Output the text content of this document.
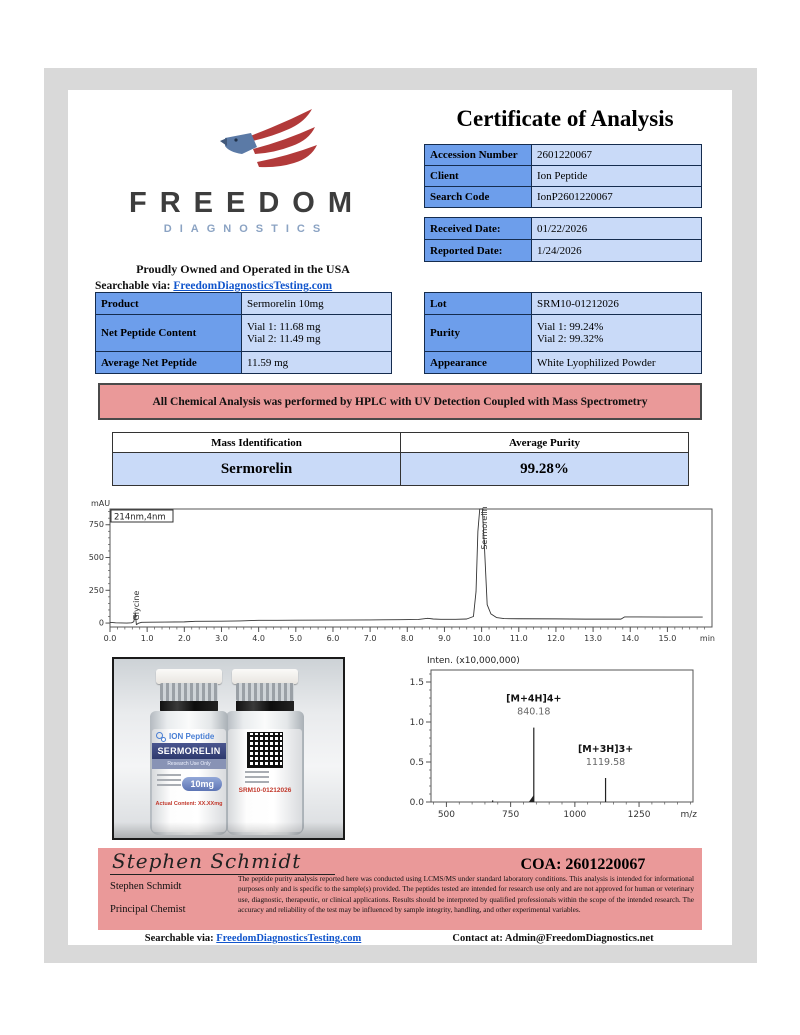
FREEDOM
DIAGNOSTICS
Proudly Owned and Operated in the USA
Searchable via: FreedomDiagnosticsTesting.com
Certificate of Analysis
Accession Number	2601220067
Client	Ion Peptide
Search Code	IonP2601220067
Received Date:	01/22/2026
Reported Date:	1/24/2026
Product	Sermorelin 10mg

Net Peptide Content	Vial 1: 11.68 mg
Vial 2: 11.49 mg

Average Net Peptide	11.59 mg
Lot	SRM10-01212026

Purity	Vial 1: 99.24%
Vial 2: 99.32%

Appearance	White Lyophilized Powder
All Chemical Analysis was performed by HPLC with UV Detection Coupled with Mass Spectrometry
Mass Identification	Average Purity
Sermorelin	99.28%
mAU
0
250
500
750
0.0	1.0	2.0	3.0	4.0	5.0	6.0	7.0	8.0	9.0	10.0 11.0 12.0 13.0 14.0 15.0	min
214nm,4nm
Glycine
Sermorelin
SRM10-01212026
ION Peptide
SERMORELIN
Research Use Only
10mg
Actual Content: XX.XXmg
Inten. (x10,000,000)
0.0
0.5
1.0
1.5
500	750	1000	1250	m/z
[M+4H]4+
840.18
[M+3H]3+
1119.58
Stephen Schmidt	COA: 2601220067
Stephen Schmidt
Principal Chemist
The peptide purity analysis reported here was conducted using LCMS/MS under standard laboratory conditions. This analysis is intended for informational purposes only and is specific to the sample(s) provided. The peptides tested are intended for research use only and are not approved for human or veterinary use, diagnostic, therapeutic, or clinical applications. Results should be interpreted by qualified professionals within the scope of the intended research. The accuracy and reliability of the test may be influenced by sample integrity, handling, and other experimental variables.
Searchable via: FreedomDiagnosticsTesting.com	Contact at: Admin@FreedomDiagnostics.net
